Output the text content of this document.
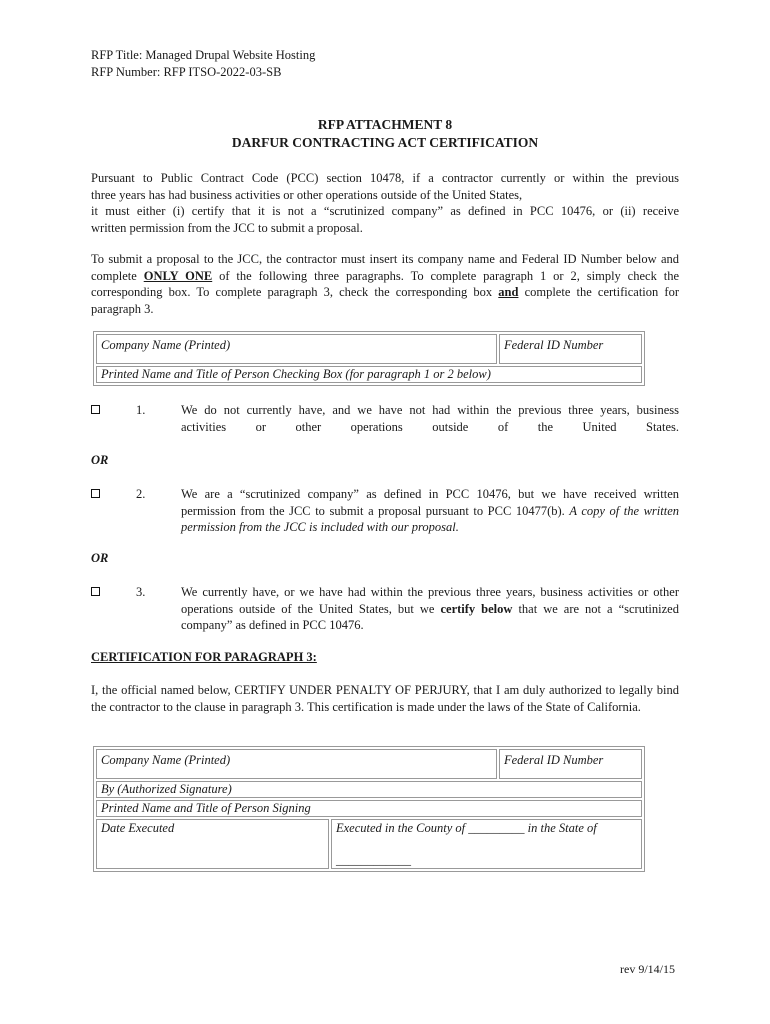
RFP Title: Managed Drupal Website Hosting
RFP Number: RFP ITSO-2022-03-SB
RFP ATTACHMENT 8
DARFUR CONTRACTING ACT CERTIFICATION
Pursuant to Public Contract Code (PCC) section 10478, if a contractor currently or within the previous
three years has had business activities or other operations outside of the United States,
it must either (i) certify that it is not a “scrutinized company” as defined in PCC 10476, or (ii) receive
written permission from the JCC to submit a proposal.
To submit a proposal to the JCC, the contractor must insert its company name and Federal ID Number below and complete ONLY ONE of the following three paragraphs. To complete paragraph 1 or 2, simply check the corresponding box. To complete paragraph 3, check the corresponding box and complete the certification for paragraph 3.
Company Name (Printed)	Federal ID Number
Printed Name and Title of Person Checking Box (for paragraph 1 or 2 below)
1.	We do not currently have, and we have not had within the previous three years, business
activities or other operations outside of the United States.
OR
2.	We are a “scrutinized company” as defined in PCC 10476, but we have received written permission from the JCC to submit a proposal pursuant to PCC 10477(b). A copy of the written permission from the JCC is included with our proposal.
OR
3.	We currently have, or we have had within the previous three years, business activities or other operations outside of the United States, but we certify below that we are not a “scrutinized company” as defined in PCC 10476.
CERTIFICATION FOR PARAGRAPH 3:
I, the official named below, CERTIFY UNDER PENALTY OF PERJURY, that I am duly authorized to legally bind the contractor to the clause in paragraph 3. This certification is made under the laws of the State of California.
Company Name (Printed)	Federal ID Number
By (Authorized Signature)
Printed Name and Title of Person Signing
Date Executed	Executed in the County of _________ in the State of
____________
rev 9/14/15
